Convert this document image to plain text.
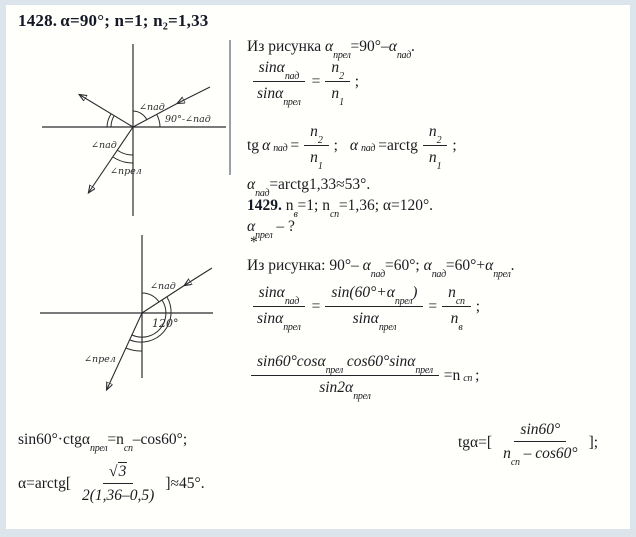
1428. α=90°; n=1; n₂=1,33
∠пад
90°-∠пад
∠пад
∠прел
Из рисунка $\alpha_{прел}=90^\circ-\alpha_{пад}$.
$\frac{\sin\alpha_{пад}}{\sin\alpha_{прел}} = \frac{n_2}{n_1}$ ;
tg α $_{пад} = \frac{n_2}{n_1}$ ; α $_{пад}$ =arctg $\frac{n_2}{n_1}$ ;
$\alpha_{пад}=arctg1,33\approx 53^\circ$.
1429. $n_в=1$; $n_{сп}=1,36$; α=120°.
$\alpha_{прел}$ – ?
*
Из рисунка: 90°– $\alpha_{пад}=60^\circ$; $\alpha_{пад}=60^\circ+\alpha_{прел}$.
$\frac{\sin\alpha_{пад}}{\sin\alpha_{прел}} = \frac{\sin(60^\circ+\alpha_{прел})}{\sin\alpha_{прел}} = \frac{n_{сп}}{n_в}$ ;
$\frac{\sin 60^\circ\cos\alpha_{прел} \cos 60^\circ\sin\alpha_{прел}}{\sin 2\alpha_{прел}} =n$ $_{сп}$ ;
∠пад
120°
∠прел
$\sin 60^\circ\cdot ctg\alpha_{прел}=n_{сп}-\cos 60^\circ$;	$tg\alpha=[ \frac{\sin 60^\circ}{n_{сп} - \cos 60^\circ}$ ];
α=arctg[ $\frac{√3}{2(1,36-0,5)} ]\approx 45^\circ$.
